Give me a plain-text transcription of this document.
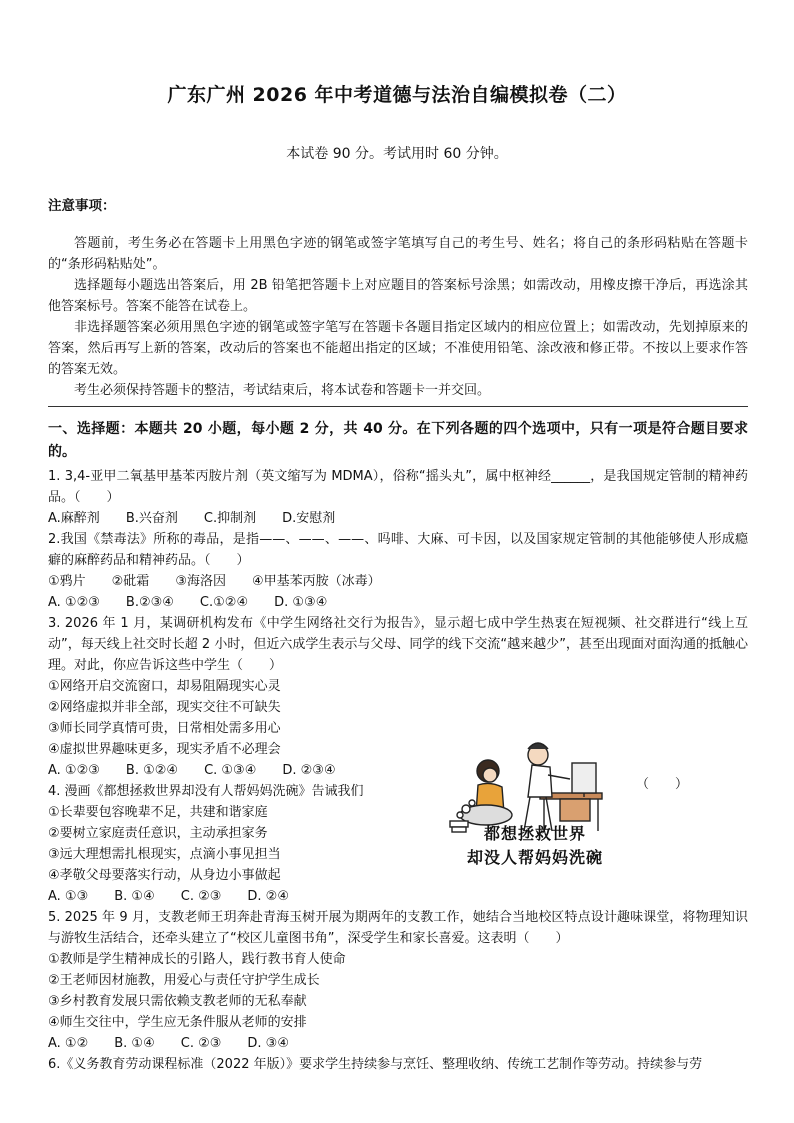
广东广州 2026 年中考道德与法治自编模拟卷（二）
本试卷 90 分。考试用时 60 分钟。
注意事项：

答题前，考生务必在答题卡上用黑色字迹的钢笔或签字笔填写自己的考生号、姓名；将自己的条形码粘贴在答题卡的“条形码粘贴处”。

选择题每小题选出答案后，用 2B 铅笔把答题卡上对应题目的答案标号涂黑；如需改动，用橡皮擦干净后，再选涂其他答案标号。答案不能答在试卷上。

非选择题答案必须用黑色字迹的钢笔或签字笔写在答题卡各题目指定区域内的相应位置上；如需改动，先划掉原来的答案，然后再写上新的答案，改动后的答案也不能超出指定的区域；不准使用铅笔、涂改液和修正带。不按以上要求作答的答案无效。

考生必须保持答题卡的整洁，考试结束后，将本试卷和答题卡一并交回。

一、选择题：本题共 20 小题，每小题 2 分，共 40 分。在下列各题的四个选项中，只有一项是符合题目要求的。

1. 3,4-亚甲二氧基甲基苯丙胺片剂（英文缩写为 MDMA），俗称“摇头丸”，属中枢神经______，是我国规定管制的精神药品。（　　）

A.麻醉剂 B.兴奋剂 C.抑制剂 D.安慰剂

2.我国《禁毒法》所称的毒品，是指——、——、——、吗啡、大麻、可卡因，以及国家规定管制的其他能够使人形成瘾癖的麻醉药品和精神药品。（　　）

①鸦片 ②砒霜 ③海洛因 ④甲基苯丙胺（冰毒）
A. ①②③ B.②③④ C.①②④ D. ①③④

3. 2026 年 1 月，某调研机构发布《中学生网络社交行为报告》，显示超七成中学生热衷在短视频、社交群进行“线上互动”，每天线上社交时长超 2 小时，但近六成学生表示与父母、同学的线下交流“越来越少”，甚至出现面对面沟通的抵触心理。对此，你应告诉这些中学生（　　）

①网络开启交流窗口，却易阻隔现实心灵

②网络虚拟并非全部，现实交往不可缺失

③师长同学真情可贵，日常相处需多用心

④虚拟世界趣味更多，现实矛盾不必理会

A. ①②③ B. ①②④ C. ①③④ D. ②③④

4. 漫画《都想拯救世界却没有人帮妈妈洗碗》告诫我们

①长辈要包容晚辈不足，共建和谐家庭

②要树立家庭责任意识，主动承担家务

③远大理想需扎根现实，点滴小事见担当

④孝敬父母要落实行动，从身边小事做起

A. ①③ B. ①④ C. ②③ D. ②④

5. 2025 年 9 月，支教老师王玥奔赴青海玉树开展为期两年的支教工作，她结合当地校区特点设计趣味课堂，将物理知识与游牧生活结合，还牵头建立了“校区儿童图书角”，深受学生和家长喜爱。这表明（　　）

①教师是学生精神成长的引路人，践行教书育人使命

②王老师因材施教，用爱心与责任守护学生成长

③乡村教育发展只需依赖支教老师的无私奉献

④师生交往中，学生应无条件服从老师的安排

A. ①② B. ①④ C. ②③ D. ③④

6.《义务教育劳动课程标准（2022 年版）》要求学生持续参与烹饪、整理收纳、传统工艺制作等劳动。持续参与劳

（　　）
都想拯救世界
却没人帮妈妈洗碗
